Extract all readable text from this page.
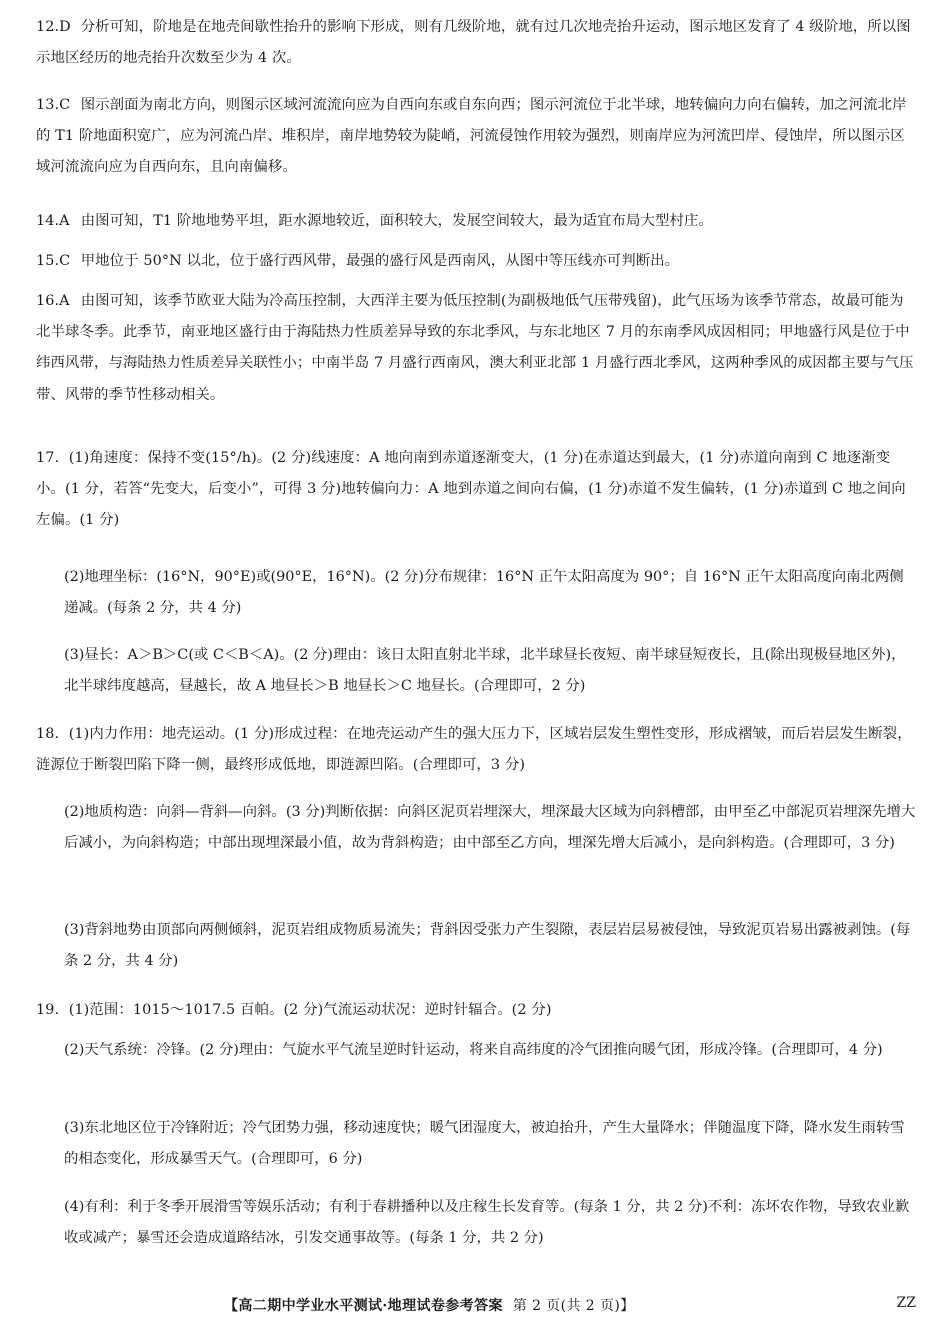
12.D 分析可知，阶地是在地壳间歇性抬升的影响下形成，则有几级阶地，就有过几次地壳抬升运动，图示地区发育了 4 级阶地，所以图示地区经历的地壳抬升次数至少为 4 次。
13.C 图示剖面为南北方向，则图示区域河流流向应为自西向东或自东向西；图示河流位于北半球，地转偏向力向右偏转，加之河流北岸的 T1 阶地面积宽广，应为河流凸岸、堆积岸，南岸地势较为陡峭，河流侵蚀作用较为强烈，则南岸应为河流凹岸、侵蚀岸，所以图示区域河流流向应为自西向东，且向南偏移。
14.A 由图可知，T1 阶地地势平坦，距水源地较近，面积较大，发展空间较大，最为适宜布局大型村庄。
15.C 甲地位于 50°N 以北，位于盛行西风带，最强的盛行风是西南风，从图中等压线亦可判断出。
16.A 由图可知，该季节欧亚大陆为冷高压控制，大西洋主要为低压控制(为副极地低气压带残留)，此气压场为该季节常态，故最可能为北半球冬季。此季节，南亚地区盛行由于海陆热力性质差异导致的东北季风，与东北地区 7 月的东南季风成因相同；甲地盛行风是位于中纬西风带，与海陆热力性质差异关联性小；中南半岛 7 月盛行西南风，澳大利亚北部 1 月盛行西北季风，这两种季风的成因都主要与气压带、风带的季节性移动相关。
17. (1)角速度：保持不变(15°/h)。(2 分)线速度：A 地向南到赤道逐渐变大，(1 分)在赤道达到最大，(1 分)赤道向南到 C 地逐渐变小。(1 分，若答“先变大，后变小”，可得 3 分)地转偏向力：A 地到赤道之间向右偏，(1 分)赤道不发生偏转，(1 分)赤道到 C 地之间向左偏。(1 分)
(2)地理坐标：(16°N，90°E)或(90°E，16°N)。(2 分)分布规律：16°N 正午太阳高度为 90°；自 16°N 正午太阳高度向南北两侧递减。(每条 2 分，共 4 分)
(3)昼长：A＞B＞C(或 C＜B＜A)。(2 分)理由：该日太阳直射北半球，北半球昼长夜短、南半球昼短夜长，且(除出现极昼地区外)，北半球纬度越高，昼越长，故 A 地昼长＞B 地昼长＞C 地昼长。(合理即可，2 分)
18. (1)内力作用：地壳运动。(1 分)形成过程：在地壳运动产生的强大压力下，区域岩层发生塑性变形，形成褶皱，而后岩层发生断裂，涟源位于断裂凹陷下降一侧，最终形成低地，即涟源凹陷。(合理即可，3 分)
(2)地质构造：向斜—背斜—向斜。(3 分)判断依据：向斜区泥页岩埋深大，埋深最大区域为向斜槽部，由甲至乙中部泥页岩埋深先增大后减小，为向斜构造；中部出现埋深最小值，故为背斜构造；由中部至乙方向，埋深先增大后减小，是向斜构造。(合理即可，3 分)
(3)背斜地势由顶部向两侧倾斜，泥页岩组成物质易流失；背斜因受张力产生裂隙，表层岩层易被侵蚀，导致泥页岩易出露被剥蚀。(每条 2 分，共 4 分)
19. (1)范围：1015～1017.5 百帕。(2 分)气流运动状况：逆时针辐合。(2 分)
(2)天气系统：冷锋。(2 分)理由：气旋水平气流呈逆时针运动，将来自高纬度的冷气团推向暖气团，形成冷锋。(合理即可，4 分)
(3)东北地区位于冷锋附近；冷气团势力强，移动速度快；暖气团湿度大，被迫抬升，产生大量降水；伴随温度下降，降水发生雨转雪的相态变化，形成暴雪天气。(合理即可，6 分)
(4)有利：利于冬季开展滑雪等娱乐活动；有利于春耕播种以及庄稼生长发育等。(每条 1 分，共 2 分)不利：冻坏农作物，导致农业歉收或减产；暴雪还会造成道路结冰，引发交通事故等。(每条 1 分，共 2 分)
【高二期中学业水平测试·地理试卷参考答案 第 2 页(共 2 页)】	ZZ
